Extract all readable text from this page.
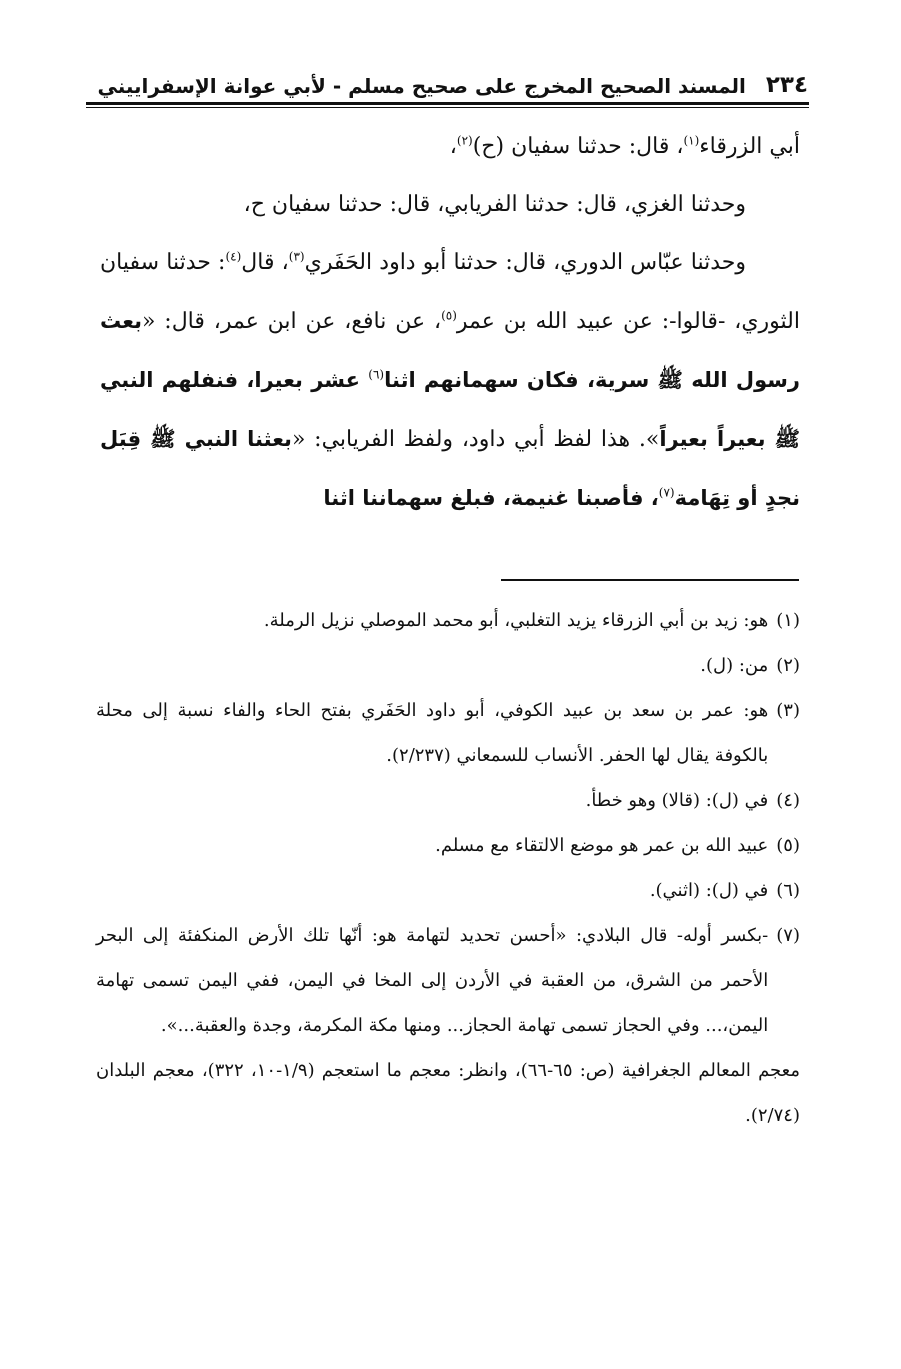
٢٣٤
المسند الصحيح المخرج على صحيح مسلم - لأبي عوانة الإسفراييني

أبي الزرقاء$^{(١)}$، قال: حدثنا سفيان (ح)$^{(٢)}$،

وحدثنا الغزي، قال: حدثنا الفريابي، قال: حدثنا سفيان ح،

وحدثنا عبّاس الدوري، قال: حدثنا أبو داود الحَفَري$^{(٣)}$، قال$^{(٤)}$: حدثنا سفيان الثوري، -قالوا-: عن عبيد الله بن عمر$^{(٥)}$، عن نافع، عن ابن عمر، قال: «بعث رسول الله ﷺ سرية، فكان سهمانهم اثنا$^{(٦)}$ عشر بعيرا، فنفلهم النبي ﷺ بعيراً بعيراً». هذا لفظ أبي داود، ولفظ الفريابي: «بعثنا النبي ﷺ قِبَل نجدٍ أو تِهَامة$^{(٧)}$، فأصبنا غنيمة، فبلغ سهماننا اثنا

(١)
هو: زيد بن أبي الزرقاء يزيد التغلبي، أبو محمد الموصلي نزيل الرملة.
(٢)
من: (ل).
(٣)
هو: عمر بن سعد بن عبيد الكوفي، أبو داود الحَفَري بفتح الحاء والفاء نسبة إلى محلة بالكوفة يقال لها الحفر. الأنساب للسمعاني (٢/٢٣٧).
(٤)
في (ل): (قالا) وهو خطأ.
(٥)
عبيد الله بن عمر هو موضع الالتقاء مع مسلم.
(٦)
في (ل): (اثني).
(٧)
-بكسر أوله- قال البلادي: «أحسن تحديد لتهامة هو: أنّها تلك الأرض المنكفئة إلى البحر الأحمر من الشرق، من العقبة في الأردن إلى المخا في اليمن، ففي اليمن تسمى تهامة اليمن،... وفي الحجاز تسمى تهامة الحجاز... ومنها مكة المكرمة، وجدة والعقبة...».
معجم المعالم الجغرافية (ص: ٦٥-٦٦)، وانظر: معجم ما استعجم (١/٩-١٠، ٣٢٢)، معجم البلدان (٢/٧٤).
